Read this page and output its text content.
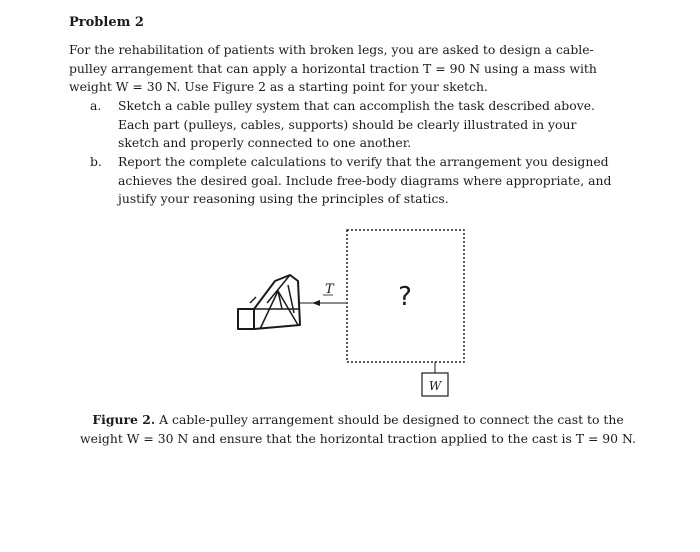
Problem 2
For the rehabilitation of patients with broken legs, you are asked to design a cable-pulley arrangement that can apply a horizontal traction T = 90 N using a mass with weight W = 30 N. Use Figure 2 as a starting point for your sketch.
a.	Sketch a cable pulley system that can accomplish the task described above. Each part (pulleys, cables, supports) should be clearly illustrated in your sketch and properly connected to one another.
b.	Report the complete calculations to verify that the arrangement you designed achieves the desired goal. Include free-body diagrams where appropriate, and justify your reasoning using the principles of statics.
T ?
W
Figure 2. A cable-pulley arrangement should be designed to connect the cast to the weight W = 30 N and ensure that the horizontal traction applied to the cast is T = 90 N.
